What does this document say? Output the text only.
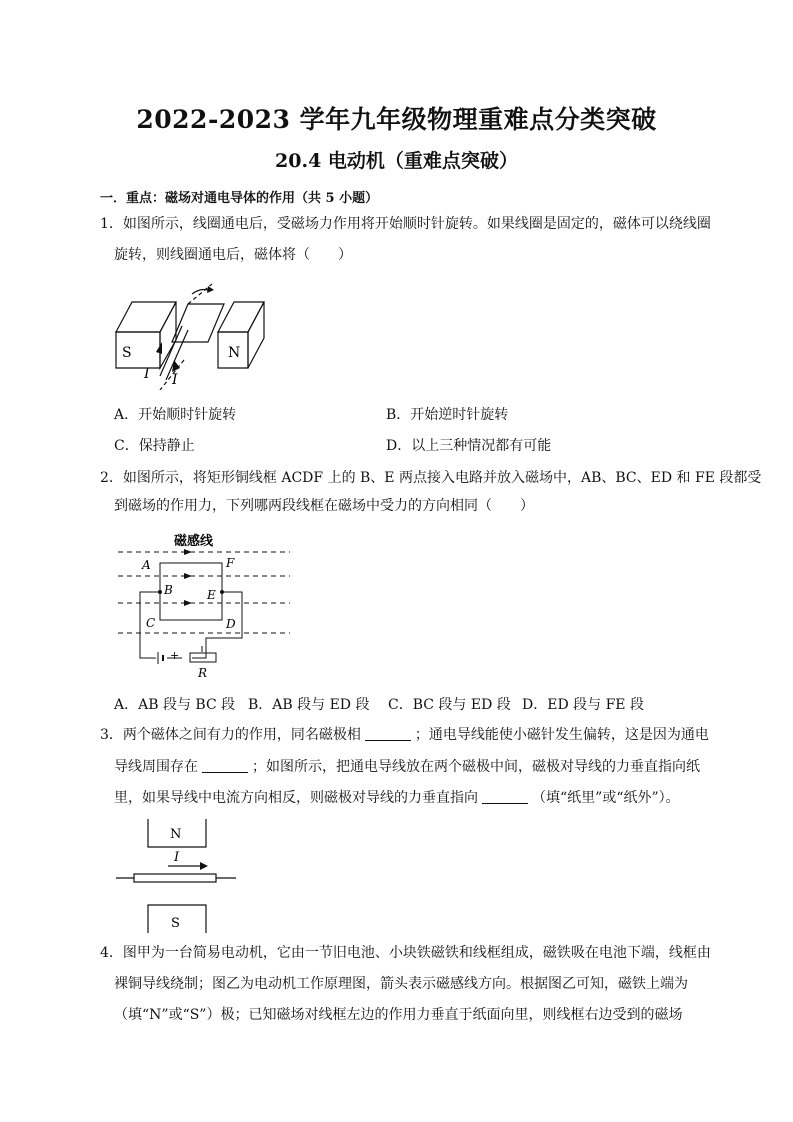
2022-2023 学年九年级物理重难点分类突破
20.4 电动机（重难点突破）
一．重点：磁场对通电导体的作用（共 5 小题）
1．如图所示，线圈通电后，受磁场力作用将开始顺时针旋转。如果线圈是固定的，磁体可以绕线圈
旋转，则线圈通电后，磁体将（　　）
S	N
I I
A．开始顺时针旋转	B．开始逆时针旋转
C．保持静止	D．以上三种情况都有可能
2．如图所示，将矩形铜线框 ACDF 上的 B、E 两点接入电路并放入磁场中，AB、BC、ED 和 FE 段都受
到磁场的作用力，下列哪两段线框在磁场中受力的方向相同（　　）
磁感线
A	F
B	E
C	D
- +
R
A．AB 段与 BC 段 B．AB 段与 ED 段 C．BC 段与 ED 段 D．ED 段与 FE 段
3．两个磁体之间有力的作用，同名磁极相	；通电导线能使小磁针发生偏转，这是因为通电
导线周围存在	；如图所示，把通电导线放在两个磁极中间，磁极对导线的力垂直指向纸
里，如果导线中电流方向相反，则磁极对导线的力垂直指向	（填“纸里”或“纸外”）。
N
S
I
4．图甲为一台简易电动机，它由一节旧电池、小块铁磁铁和线框组成，磁铁吸在电池下端，线框由
裸铜导线绕制；图乙为电动机工作原理图，箭头表示磁感线方向。根据图乙可知，磁铁上端为
（填“N”或“S”）极；已知磁场对线框左边的作用力垂直于纸面向里，则线框右边受到的磁场
